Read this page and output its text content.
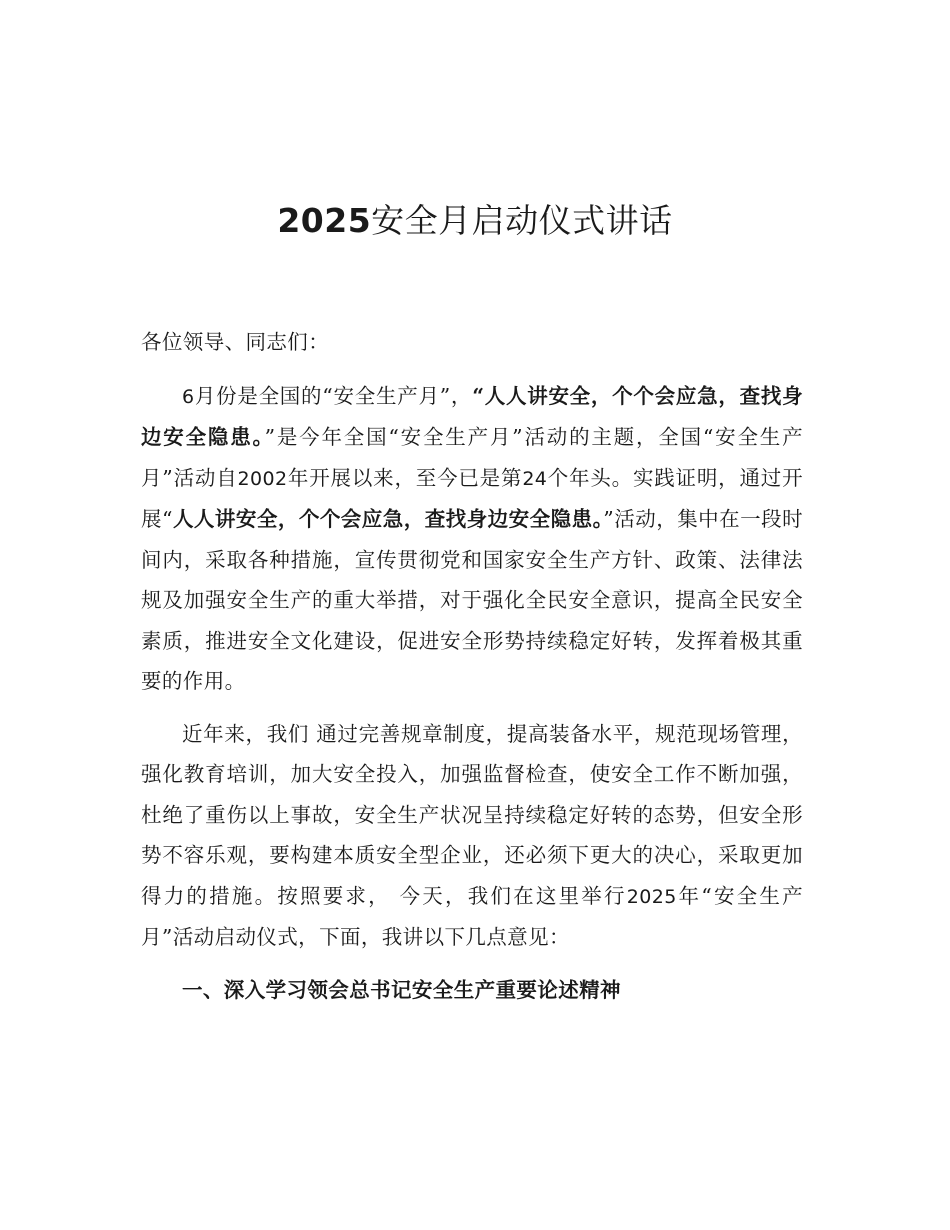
2025安全月启动仪式讲话

各位领导、同志们：

6月份是全国的“安全生产月”，“人人讲安全，个个会应急，查找身边安全隐患。”是今年全国“安全生产月”活动的主题，全国“安全生产月”活动自2002年开展以来，至今已是第24个年头。实践证明，通过开展“人人讲安全，个个会应急，查找身边安全隐患。”活动，集中在一段时间内，采取各种措施，宣传贯彻党和国家安全生产方针、政策、法律法规及加强安全生产的重大举措，对于强化全民安全意识，提高全民安全素质，推进安全文化建设，促进安全形势持续稳定好转，发挥着极其重要的作用。

近年来，我们 通过完善规章制度，提高装备水平，规范现场管理，强化教育培训，加大安全投入，加强监督检查，使安全工作不断加强，杜绝了重伤以上事故，安全生产状况呈持续稳定好转的态势，但安全形势不容乐观，要构建本质安全型企业，还必须下更大的决心，采取更加得力的措施。按照要求， 今天，我们在这里举行2025年“安全生产月”活动启动仪式，下面，我讲以下几点意见：

一、深入学习领会总书记安全生产重要论述精神
